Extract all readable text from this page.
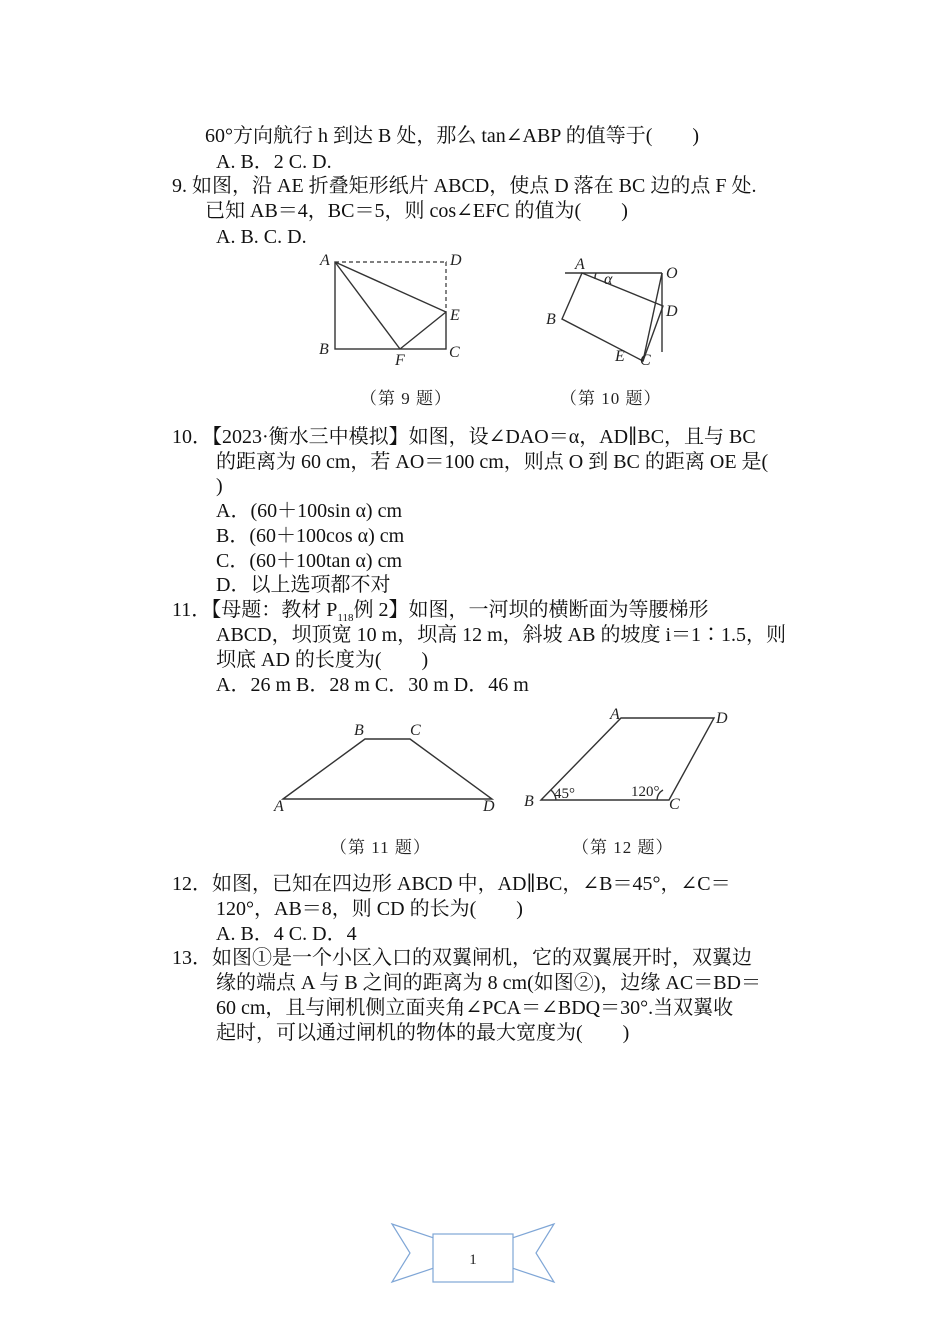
60°方向航行 h 到达 B 处，那么 tan∠ABP 的值等于(　　)
A. B．2 C. D.
9. 如图，沿 AE 折叠矩形纸片 ABCD，使点 D 落在 BC 边的点 F 处.
已知 AB＝4，BC＝5，则 cos∠EFC 的值为(　　)
A. B. C. D.
A	D
E
B	C
F
（第 9 题）
A
α	O
B	D
E C
（第 10 题）
10．【2023·衡水三中模拟】如图，设∠DAO＝α，AD∥BC，且与 BC
的距离为 60 cm，若 AO＝100 cm，则点 O 到 BC 的距离 OE 是(
)
A．(60＋100sin α) cm
B．(60＋100cos α) cm
C．(60＋100tan α) cm
D．以上选项都不对
11．【母题：教材 $P_{118}$例 2】如图，一河坝的横断面为等腰梯形
ABCD，坝顶宽 10 m，坝高 12 m，斜坡 AB 的坡度 i＝1∶1.5，则
坝底 AD 的长度为(　　)
A．26 m B．28 m C．30 m D．46 m
B	C
A	D
（第 11 题）
A	D
B	C
45°	120°
（第 12 题）
12．如图，已知在四边形 ABCD 中，AD∥BC，∠B＝45°，∠C＝
120°，AB＝8，则 CD 的长为(　　)
A. B．4 C. D．4
13．如图①是一个小区入口的双翼闸机，它的双翼展开时，双翼边
缘的端点 A 与 B 之间的距离为 8 cm(如图②)，边缘 AC＝BD＝
60 cm，且与闸机侧立面夹角∠PCA＝∠BDQ＝30°.当双翼收
起时，可以通过闸机的物体的最大宽度为(　　)
1
